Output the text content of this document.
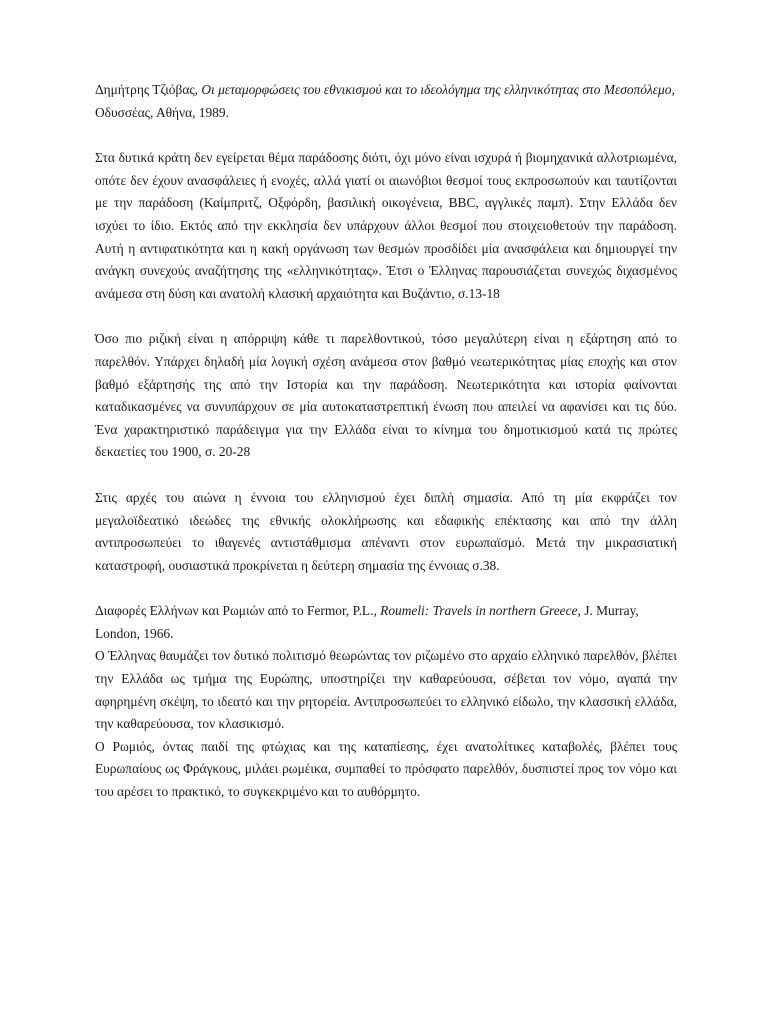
Δημήτρης Τζιόβας, Οι μεταμορφώσεις του εθνικισμού και το ιδεολόγημα της ελληνικότητας στο Μεσοπόλεμο, Οδυσσέας, Αθήνα, 1989.

Στα δυτικά κράτη δεν εγείρεται θέμα παράδοσης διότι, όχι μόνο είναι ισχυρά ή βιομηχανικά αλλοτριωμένα, οπότε δεν έχουν ανασφάλειες ή ενοχές, αλλά γιατί οι αιωνόβιοι θεσμοί τους εκπροσωπούν και ταυτίζονται με την παράδοση (Καίμπριτζ, Οξφόρδη, βασιλική οικογένεια, BBC, αγγλικές παμπ). Στην Ελλάδα δεν ισχύει το ίδιο. Εκτός από την εκκλησία δεν υπάρχουν άλλοι θεσμοί που στοιχειοθετούν την παράδοση. Αυτή η αντιφατικότητα και η κακή οργάνωση των θεσμών προσδίδει μία ανασφάλεια και δημιουργεί την ανάγκη συνεχούς αναζήτησης της «ελληνικότητας». Έτσι ο Έλληνας παρουσιάζεται συνεχώς διχασμένος ανάμεσα στη δύση και ανατολή κλασική αρχαιότητα και Βυζάντιο, σ.13-18

Όσο πιο ριζική είναι η απόρριψη κάθε τι παρελθοντικού, τόσο μεγαλύτερη είναι η εξάρτηση από το παρελθόν. Υπάρχει δηλαδή μία λογική σχέση ανάμεσα στον βαθμό νεωτερικότητας μίας εποχής και στον βαθμό εξάρτησής της από την Ιστορία και την παράδοση. Νεωτερικότητα και ιστορία φαίνονται καταδικασμένες να συνυπάρχουν σε μία αυτοκαταστρεπτική ένωση που απειλεί να αφανίσει και τις δύο. Ένα χαρακτηριστικό παράδειγμα για την Ελλάδα είναι το κίνημα του δημοτικισμού κατά τις πρώτες δεκαετίες του 1900, σ. 20-28

Στις αρχές του αιώνα η έννοια του ελληνισμού έχει διπλή σημασία. Από τη μία εκφράζει τον μεγαλοϊδεατικό ιδεώδες της εθνικής ολοκλήρωσης και εδαφικής επέκτασης και από την άλλη αντιπροσωπεύει το ιθαγενές αντιστάθμισμα απέναντι στον ευρωπαϊσμό. Μετά την μικρασιατική καταστροφή, ουσιαστικά προκρίνεται η δεύτερη σημασία της έννοιας σ.38.

Διαφορές Ελλήνων και Ρωμιών από το Fermor, P.L., Roumeli: Travels in northern Greece, J. Murray, London, 1966.

Ο Έλληνας θαυμάζει τον δυτικό πολιτισμό θεωρώντας τον ριζωμένο στο αρχαίο ελληνικό παρελθόν, βλέπει την Ελλάδα ως τμήμα της Ευρώπης, υποστηρίζει την καθαρεύουσα, σέβεται τον νόμο, αγαπά την αφηρημένη σκέψη, το ιδεατό και την ρητορεία. Αντιπροσωπεύει το ελληνικό είδωλο, την κλασσική ελλάδα, την καθαρεύουσα, τον κλασικισμό.

Ο Ρωμιός, όντας παιδί της φτώχιας και της καταπίεσης, έχει ανατολίτικες καταβολές, βλέπει τους Ευρωπαίους ως Φράγκους, μιλάει ρωμέικα, συμπαθεί το πρόσφατο παρελθόν, δυσπιστεί προς τον νόμο και του αρέσει το πρακτικό, το συγκεκριμένο και το αυθόρμητο.
